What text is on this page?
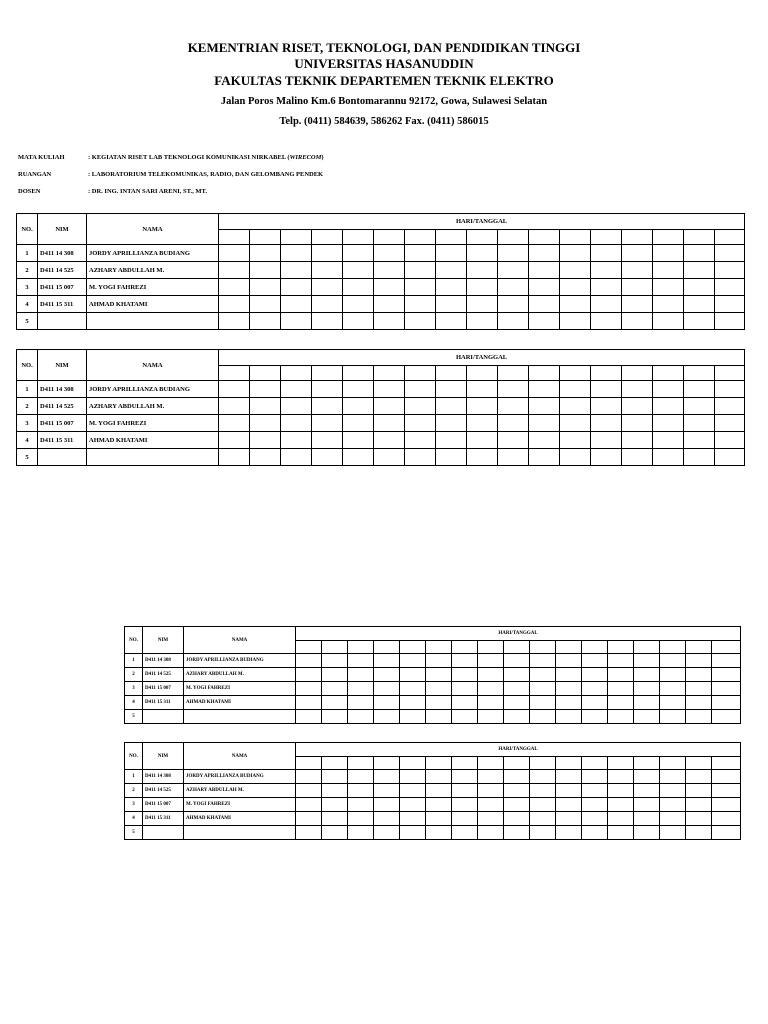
KEMENTRIAN RISET, TEKNOLOGI, DAN PENDIDIKAN TINGGI
UNIVERSITAS HASANUDDIN
FAKULTAS TEKNIK DEPARTEMEN TEKNIK ELEKTRO
Jalan Poros Malino Km.6 Bontomarannu 92172, Gowa, Sulawesi Selatan
Telp. (0411) 584639, 586262 Fax. (0411) 586015
MATA KULIAH	: KEGIATAN RISET LAB TEKNOLOGI KOMUNIKASI NIRKABEL (WIRECOM)
RUANGAN	: LABORATORIUM TELEKOMUNIKAS, RADIO, DAN GELOMBANG PENDEK
DOSEN	: DR. ING. INTAN SARI ARENI, ST., MT.
NO.	NIM	NAMA	HARI/TANGGAL																

1	D411 14 308	JORDY APRILLIANZA BUDIANG																	
2	D411 14 525	AZHARY ABDULLAH M.																	
3	D411 15 007	M. YOGI FAHREZI																	
4	D411 15 311	AHMAD KHATAMI																	
5																			
NO.	NIM	NAMA	HARI/TANGGAL																

1	D411 14 308	JORDY APRILLIANZA BUDIANG																	
2	D411 14 525	AZHARY ABDULLAH M.																	
3	D411 15 007	M. YOGI FAHREZI																	
4	D411 15 311	AHMAD KHATAMI																	
5																			
NO.	NIM	NAMA	HARI/TANGGAL																

1	D411 14 308	JORDY APRILLIANZA BUDIANG																	
2	D411 14 525	AZHARY ABDULLAH M.																	
3	D411 15 007	M. YOGI FAHREZI																	
4	D411 15 311	AHMAD KHATAMI																	
5																			
NO.	NIM	NAMA	HARI/TANGGAL																

1	D411 14 308	JORDY APRILLIANZA BUDIANG																	
2	D411 14 525	AZHARY ABDULLAH M.																	
3	D411 15 007	M. YOGI FAHREZI																	
4	D411 15 311	AHMAD KHATAMI																	
5																			
